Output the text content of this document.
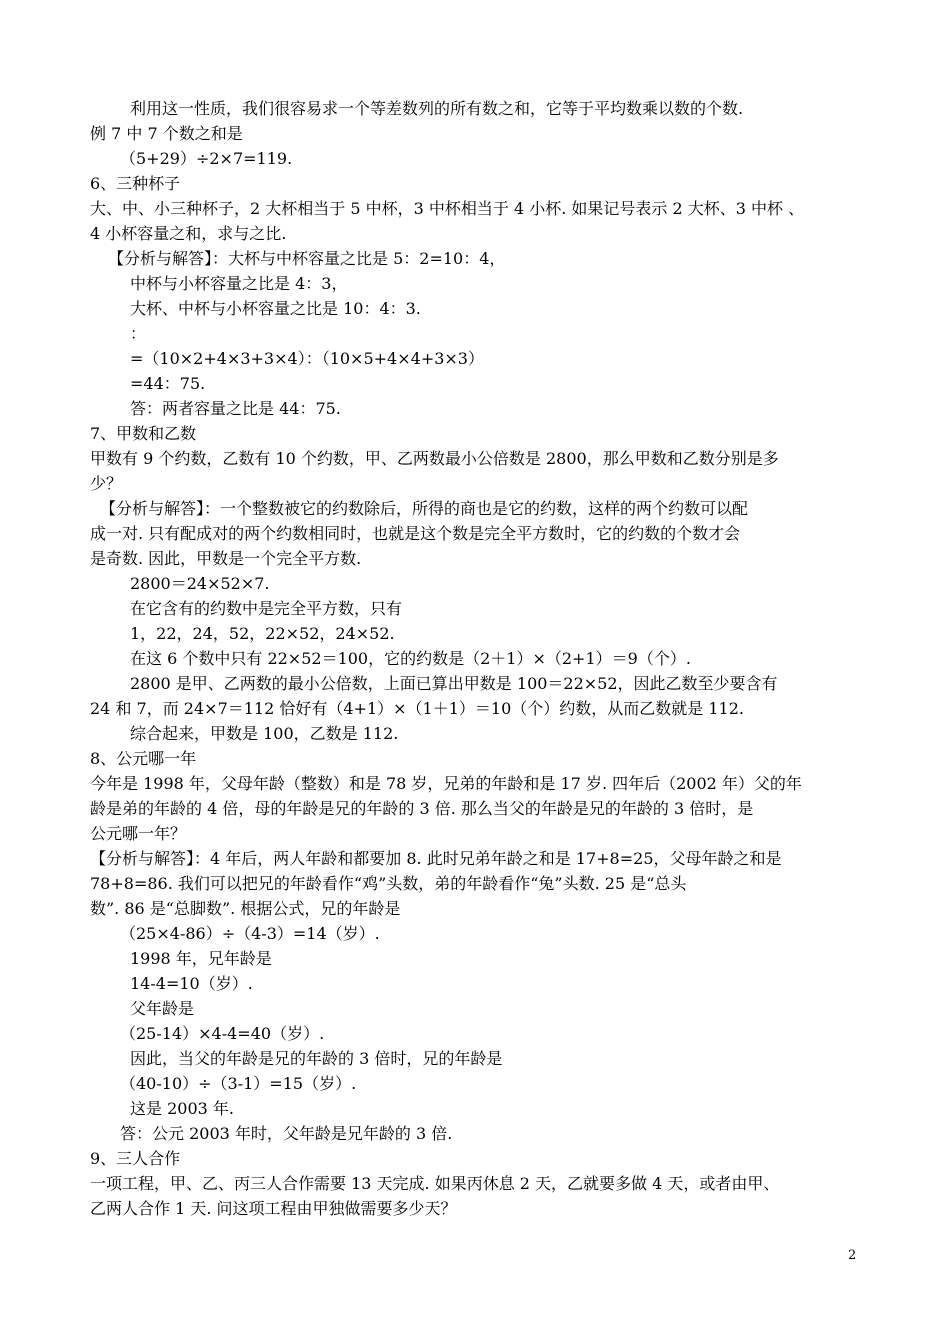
利用这一性质，我们很容易求一个等差数列的所有数之和，它等于平均数乘以数的个数.
例 7 中 7 个数之和是
（5+29）÷2×7=119.
6、三种杯子
大、中、小三种杯子，2 大杯相当于 5 中杯，3 中杯相当于 4 小杯. 如果记号表示 2 大杯、3 中杯 、
4 小杯容量之和，求与之比.
【分析与解答】：大杯与中杯容量之比是 5：2=10：4，
中杯与小杯容量之比是 4：3，
大杯、中杯与小杯容量之比是 10：4：3.
：
=（10×2+4×3+3×4）：（10×5+4×4+3×3）
=44：75.
答：两者容量之比是 44：75.
7、甲数和乙数
甲数有 9 个约数，乙数有 10 个约数，甲、乙两数最小公倍数是 2800，那么甲数和乙数分别是多
少？
【分析与解答】：一个整数被它的约数除后，所得的商也是它的约数，这样的两个约数可以配
成一对. 只有配成对的两个约数相同时，也就是这个数是完全平方数时，它的约数的个数才会
是奇数. 因此，甲数是一个完全平方数.
2800＝24×52×7.
在它含有的约数中是完全平方数，只有
1，22，24，52，22×52，24×52.
在这 6 个数中只有 22×52＝100，它的约数是（2＋1）×（2+1）＝9（个）.
2800 是甲、乙两数的最小公倍数，上面已算出甲数是 100＝22×52，因此乙数至少要含有
24 和 7，而 24×7＝112 恰好有（4+1）×（1＋1）＝10（个）约数，从而乙数就是 112.
综合起来，甲数是 100，乙数是 112.
8、公元哪一年
今年是 1998 年，父母年龄（整数）和是 78 岁，兄弟的年龄和是 17 岁. 四年后（2002 年）父的年
龄是弟的年龄的 4 倍，母的年龄是兄的年龄的 3 倍. 那么当父的年龄是兄的年龄的 3 倍时，是
公元哪一年？
【分析与解答】：4 年后，两人年龄和都要加 8. 此时兄弟年龄之和是 17+8=25，父母年龄之和是
78+8=86. 我们可以把兄的年龄看作“鸡”头数，弟的年龄看作“兔”头数. 25 是“总头
数”. 86 是“总脚数”. 根据公式，兄的年龄是
（25×4-86）÷（4-3）=14（岁）.
1998 年，兄年龄是
14-4=10（岁）.
父年龄是
（25-14）×4-4=40（岁）.
因此，当父的年龄是兄的年龄的 3 倍时，兄的年龄是
（40-10）÷（3-1）=15（岁）.
这是 2003 年.
答：公元 2003 年时，父年龄是兄年龄的 3 倍.
9、三人合作
一项工程，甲、乙、丙三人合作需要 13 天完成. 如果丙休息 2 天，乙就要多做 4 天，或者由甲、
乙两人合作 1 天. 问这项工程由甲独做需要多少天？
2
